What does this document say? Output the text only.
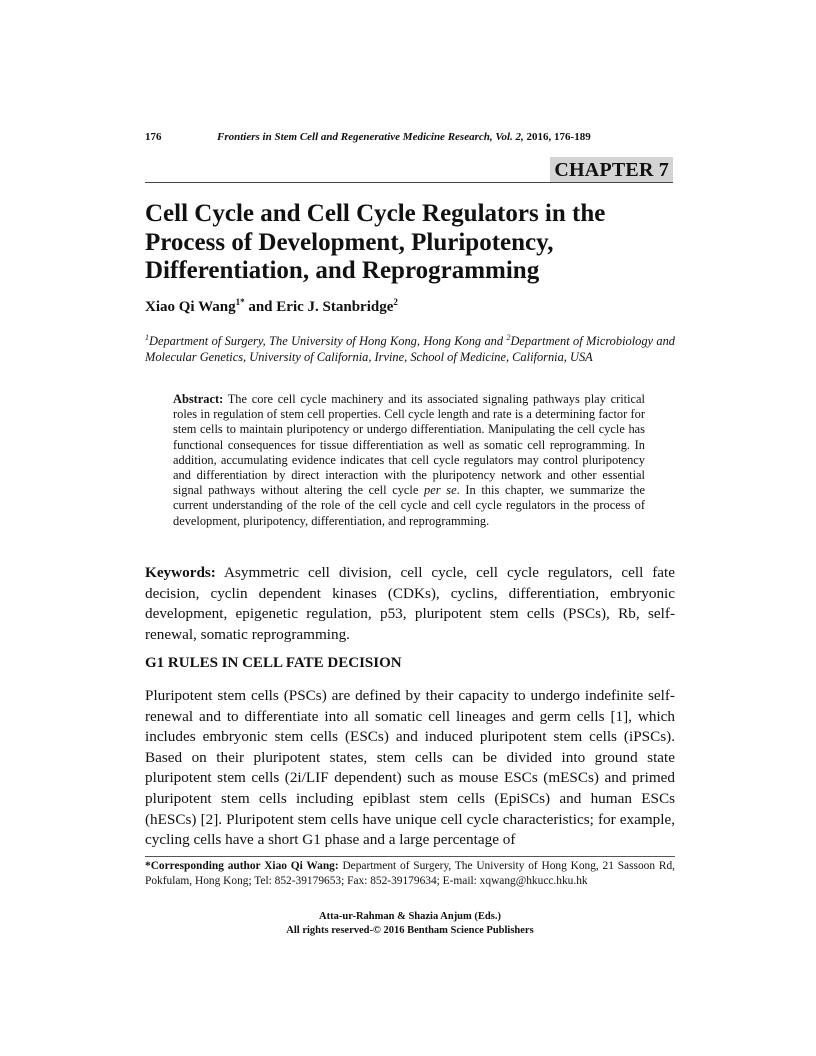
176	Frontiers in Stem Cell and Regenerative Medicine Research, Vol. 2, 2016, 176-189
CHAPTER 7
Cell Cycle and Cell Cycle Regulators in the Process of Development, Pluripotency, Differentiation, and Reprogramming
Xiao Qi Wang$^{1*}$ and Eric J. Stanbridge$^2$
$^1$Department of Surgery, The University of Hong Kong, Hong Kong and $^2$Department of Microbiology and Molecular Genetics, University of California, Irvine, School of Medicine, California, USA
Abstract: The core cell cycle machinery and its associated signaling pathways play critical roles in regulation of stem cell properties. Cell cycle length and rate is a determining factor for stem cells to maintain pluripotency or undergo differentiation. Manipulating the cell cycle has functional consequences for tissue differentiation as well as somatic cell reprogramming. In addition, accumulating evidence indicates that cell cycle regulators may control pluripotency and differentiation by direct interaction with the pluripotency network and other essential signal pathways without altering the cell cycle per se. In this chapter, we summarize the current understanding of the role of the cell cycle and cell cycle regulators in the process of development, pluripotency, differentiation, and reprogramming.
Keywords: Asymmetric cell division, cell cycle, cell cycle regulators, cell fate decision, cyclin dependent kinases (CDKs), cyclins, differentiation, embryonic development, epigenetic regulation, p53, pluripotent stem cells (PSCs), Rb, self-renewal, somatic reprogramming.
G1 RULES IN CELL FATE DECISION
Pluripotent stem cells (PSCs) are defined by their capacity to undergo indefinite self-renewal and to differentiate into all somatic cell lineages and germ cells [1], which includes embryonic stem cells (ESCs) and induced pluripotent stem cells (iPSCs). Based on their pluripotent states, stem cells can be divided into ground state pluripotent stem cells (2i/LIF dependent) such as mouse ESCs (mESCs) and primed pluripotent stem cells including epiblast stem cells (EpiSCs) and human ESCs (hESCs) [2]. Pluripotent stem cells have unique cell cycle characteristics; for example, cycling cells have a short G1 phase and a large percentage of
*Corresponding author Xiao Qi Wang: Department of Surgery, The University of Hong Kong, 21 Sassoon Rd, Pokfulam, Hong Kong; Tel: 852-39179653; Fax: 852-39179634; E-mail: xqwang@hkucc.hku.hk
Atta-ur-Rahman & Shazia Anjum (Eds.)
All rights reserved-© 2016 Bentham Science Publishers
